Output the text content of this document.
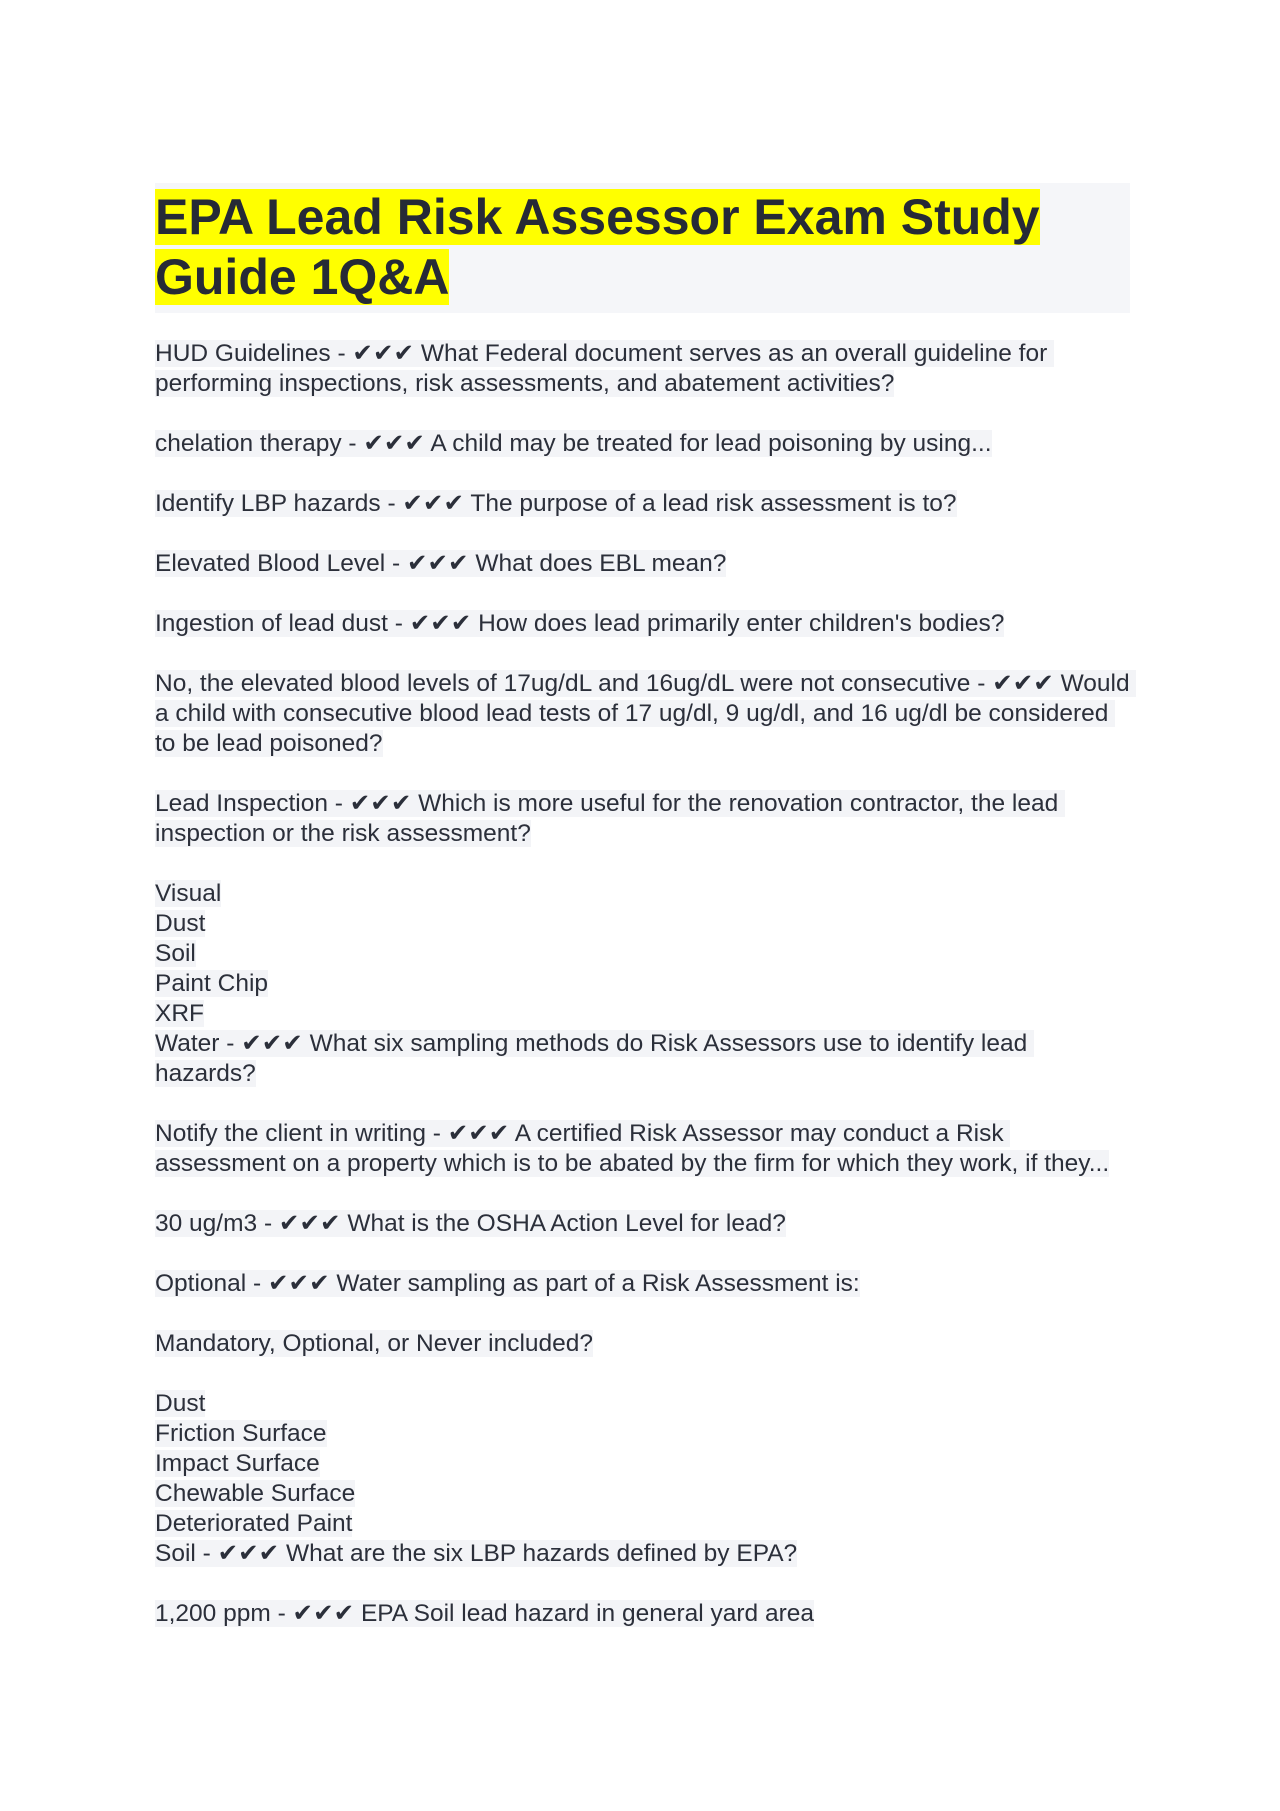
EPA Lead Risk Assessor Exam Study Guide 1Q&A

HUD Guidelines - ✔✔✔ What Federal document serves as an overall guideline for performing inspections, risk assessments, and abatement activities?

chelation therapy - ✔✔✔ A child may be treated for lead poisoning by using...

Identify LBP hazards - ✔✔✔ The purpose of a lead risk assessment is to?

Elevated Blood Level - ✔✔✔ What does EBL mean?

Ingestion of lead dust - ✔✔✔ How does lead primarily enter children's bodies?

No, the elevated blood levels of 17ug/dL and 16ug/dL were not consecutive - ✔✔✔ Would a child with consecutive blood lead tests of 17 ug/dl, 9 ug/dl, and 16 ug/dl be considered to be lead poisoned?

Lead Inspection - ✔✔✔ Which is more useful for the renovation contractor, the lead inspection or the risk assessment?

Visual
Dust
Soil
Paint Chip
XRF
Water - ✔✔✔ What six sampling methods do Risk Assessors use to identify lead hazards?

Notify the client in writing - ✔✔✔ A certified Risk Assessor may conduct a Risk assessment on a property which is to be abated by the firm for which they work, if they...

30 ug/m3 - ✔✔✔ What is the OSHA Action Level for lead?

Optional - ✔✔✔ Water sampling as part of a Risk Assessment is:

Mandatory, Optional, or Never included?

Dust
Friction Surface
Impact Surface
Chewable Surface
Deteriorated Paint
Soil - ✔✔✔ What are the six LBP hazards defined by EPA?

1,200 ppm - ✔✔✔ EPA Soil lead hazard in general yard area
